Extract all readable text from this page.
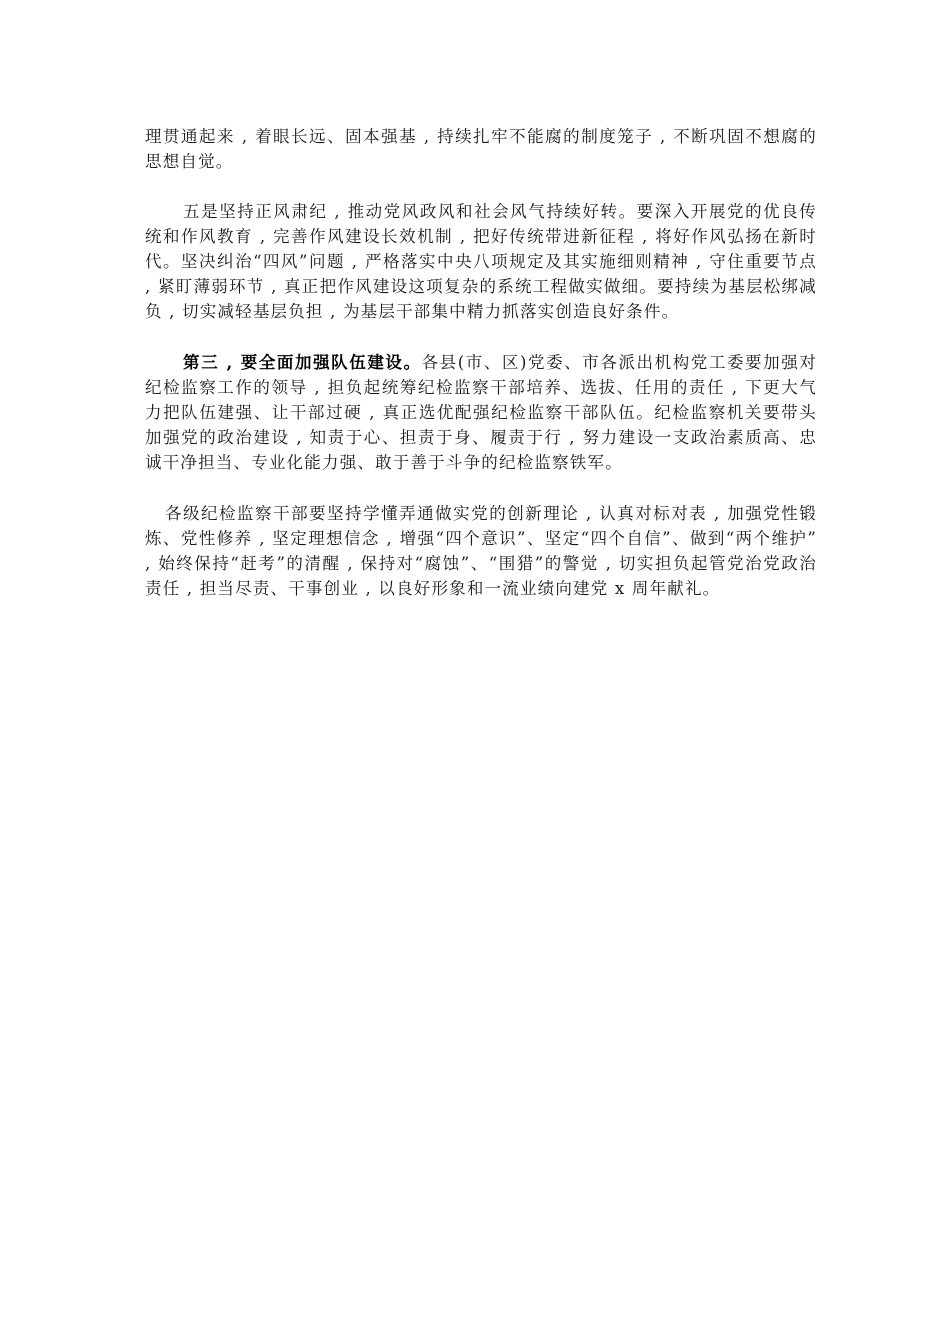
理贯通起来 , 着眼长远、固本强基 , 持续扎牢不能腐的制度笼子 , 不断巩固不想腐的思想自觉。

五是坚持正风肃纪 , 推动党风政风和社会风气持续好转。要深入开展党的优良传统和作风教育 , 完善作风建设长效机制 , 把好传统带进新征程 , 将好作风弘扬在新时代。坚决纠治“四风”问题 , 严格落实中央八项规定及其实施细则精神 , 守住重要节点 , 紧盯薄弱环节 , 真正把作风建设这项复杂的系统工程做实做细。要持续为基层松绑减负 , 切实减轻基层负担 , 为基层干部集中精力抓落实创造良好条件。

第三 , 要全面加强队伍建设。各县(市、区)党委、市各派出机构党工委要加强对纪检监察工作的领导 , 担负起统筹纪检监察干部培养、选拔、任用的责任 , 下更大气力把队伍建强、让干部过硬 , 真正选优配强纪检监察干部队伍。纪检监察机关要带头加强党的政治建设 , 知责于心、担责于身、履责于行 , 努力建设一支政治素质高、忠诚干净担当、专业化能力强、敢于善于斗争的纪检监察铁军。

各级纪检监察干部要坚持学懂弄通做实党的创新理论 , 认真对标对表 , 加强党性锻炼、党性修养 , 坚定理想信念 , 增强“四个意识”、坚定“四个自信”、做到“两个维护” , 始终保持“赶考”的清醒 , 保持对“腐蚀”、“围猎”的警觉 , 切实担负起管党治党政治责任 , 担当尽责、干事创业 , 以良好形象和一流业绩向建党 x 周年献礼。
